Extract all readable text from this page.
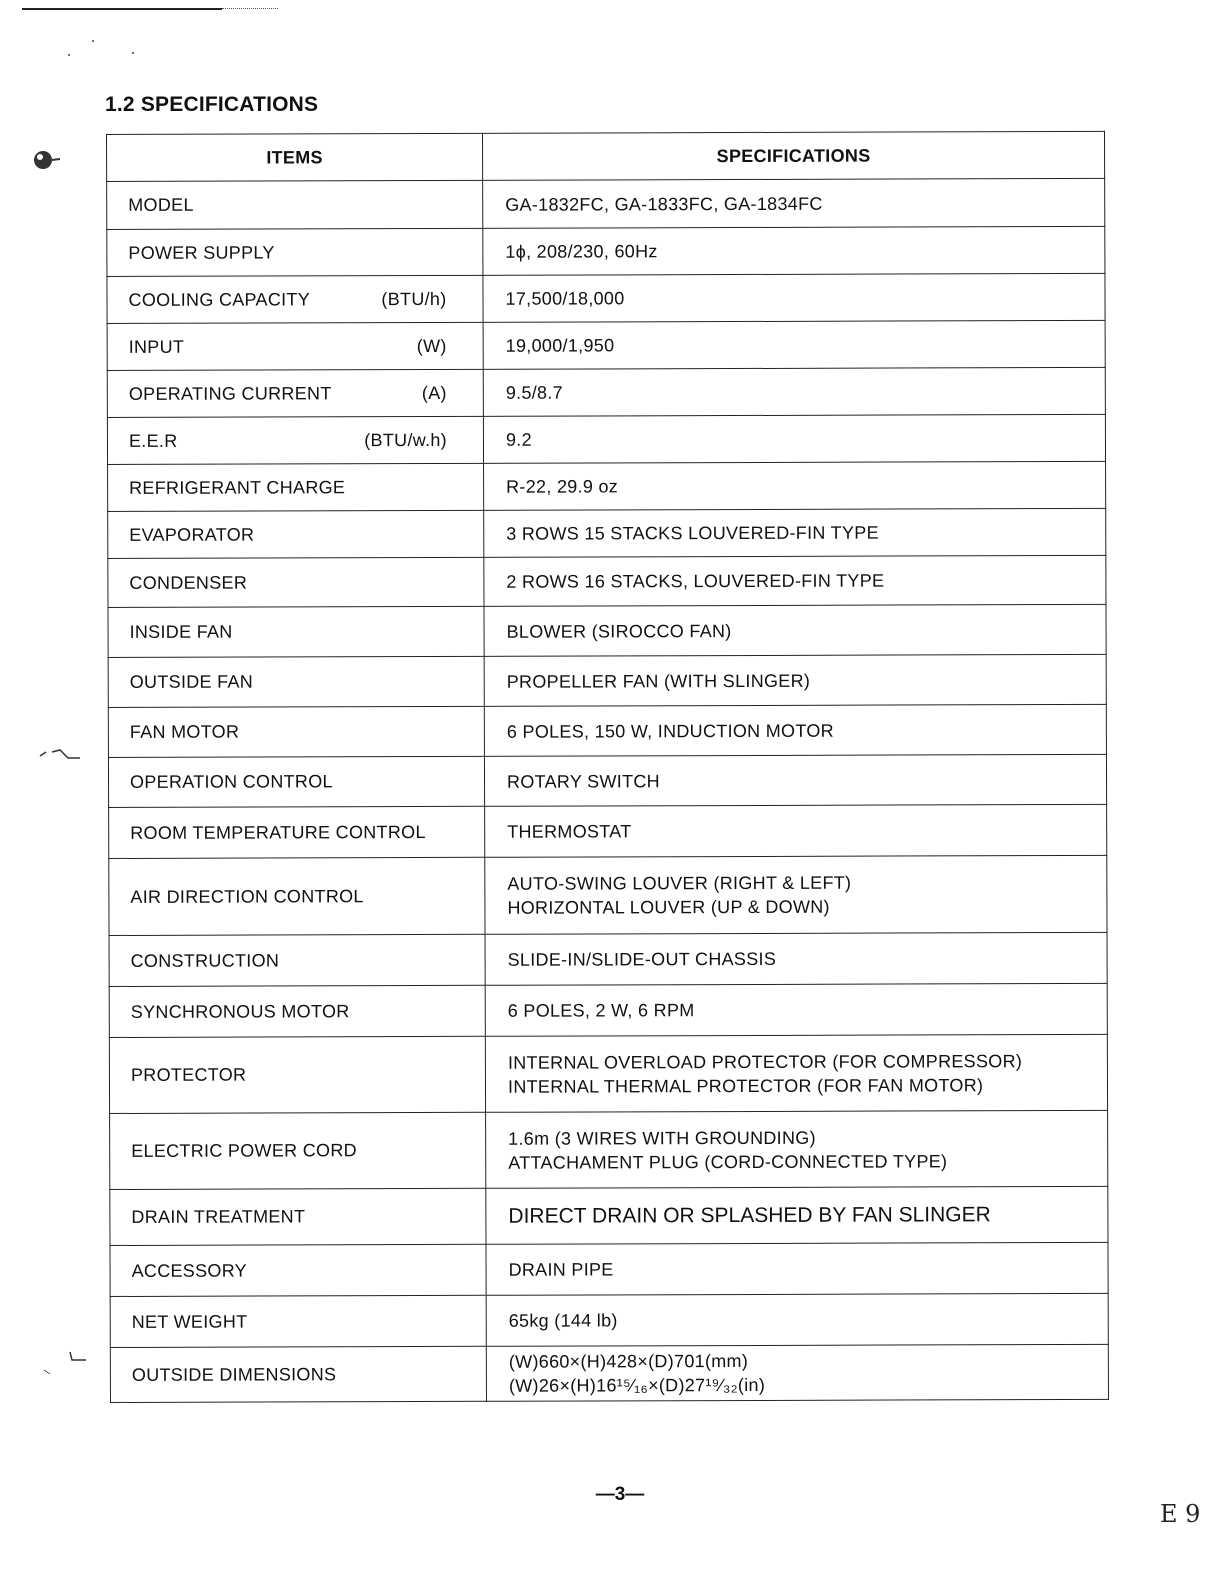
1.2 SPECIFICATIONS
ITEMS	SPECIFICATIONS

MODEL	GA-1832FC, GA-1833FC, GA-1834FC

POWER SUPPLY	1ϕ, 208/230, 60Hz

COOLING CAPACITY (BTU/h)	17,500/18,000

INPUT (W)	19,000/1,950

OPERATING CURRENT (A)	9.5/8.7

E.E.R (BTU/w.h)	9.2

REFRIGERANT CHARGE	R-22, 29.9 oz

EVAPORATOR	3 ROWS 15 STACKS LOUVERED-FIN TYPE

CONDENSER	2 ROWS 16 STACKS, LOUVERED-FIN TYPE

INSIDE FAN	BLOWER (SIROCCO FAN)

OUTSIDE FAN	PROPELLER FAN (WITH SLINGER)

FAN MOTOR	6 POLES, 150 W, INDUCTION MOTOR

OPERATION CONTROL	ROTARY SWITCH

ROOM TEMPERATURE CONTROL	THERMOSTAT

AIR DIRECTION CONTROL	AUTO-SWING LOUVER (RIGHT & LEFT)
HORIZONTAL LOUVER (UP & DOWN)

CONSTRUCTION	SLIDE-IN/SLIDE-OUT CHASSIS

SYNCHRONOUS MOTOR	6 POLES, 2 W, 6 RPM

PROTECTOR	INTERNAL OVERLOAD PROTECTOR (FOR COMPRESSOR)
INTERNAL THERMAL PROTECTOR (FOR FAN MOTOR)

ELECTRIC POWER CORD	1.6m (3 WIRES WITH GROUNDING)
ATTACHAMENT PLUG (CORD-CONNECTED TYPE)

DRAIN TREATMENT	DIRECT DRAIN OR SPLASHED BY FAN SLINGER

ACCESSORY	DRAIN PIPE

NET WEIGHT	65kg (144 lb)

OUTSIDE DIMENSIONS	(W)660×(H)428×(D)701(mm)
(W)26×(H)16¹⁵⁄₁₆×(D)27¹⁹⁄₃₂(in)
—3—
E 9
